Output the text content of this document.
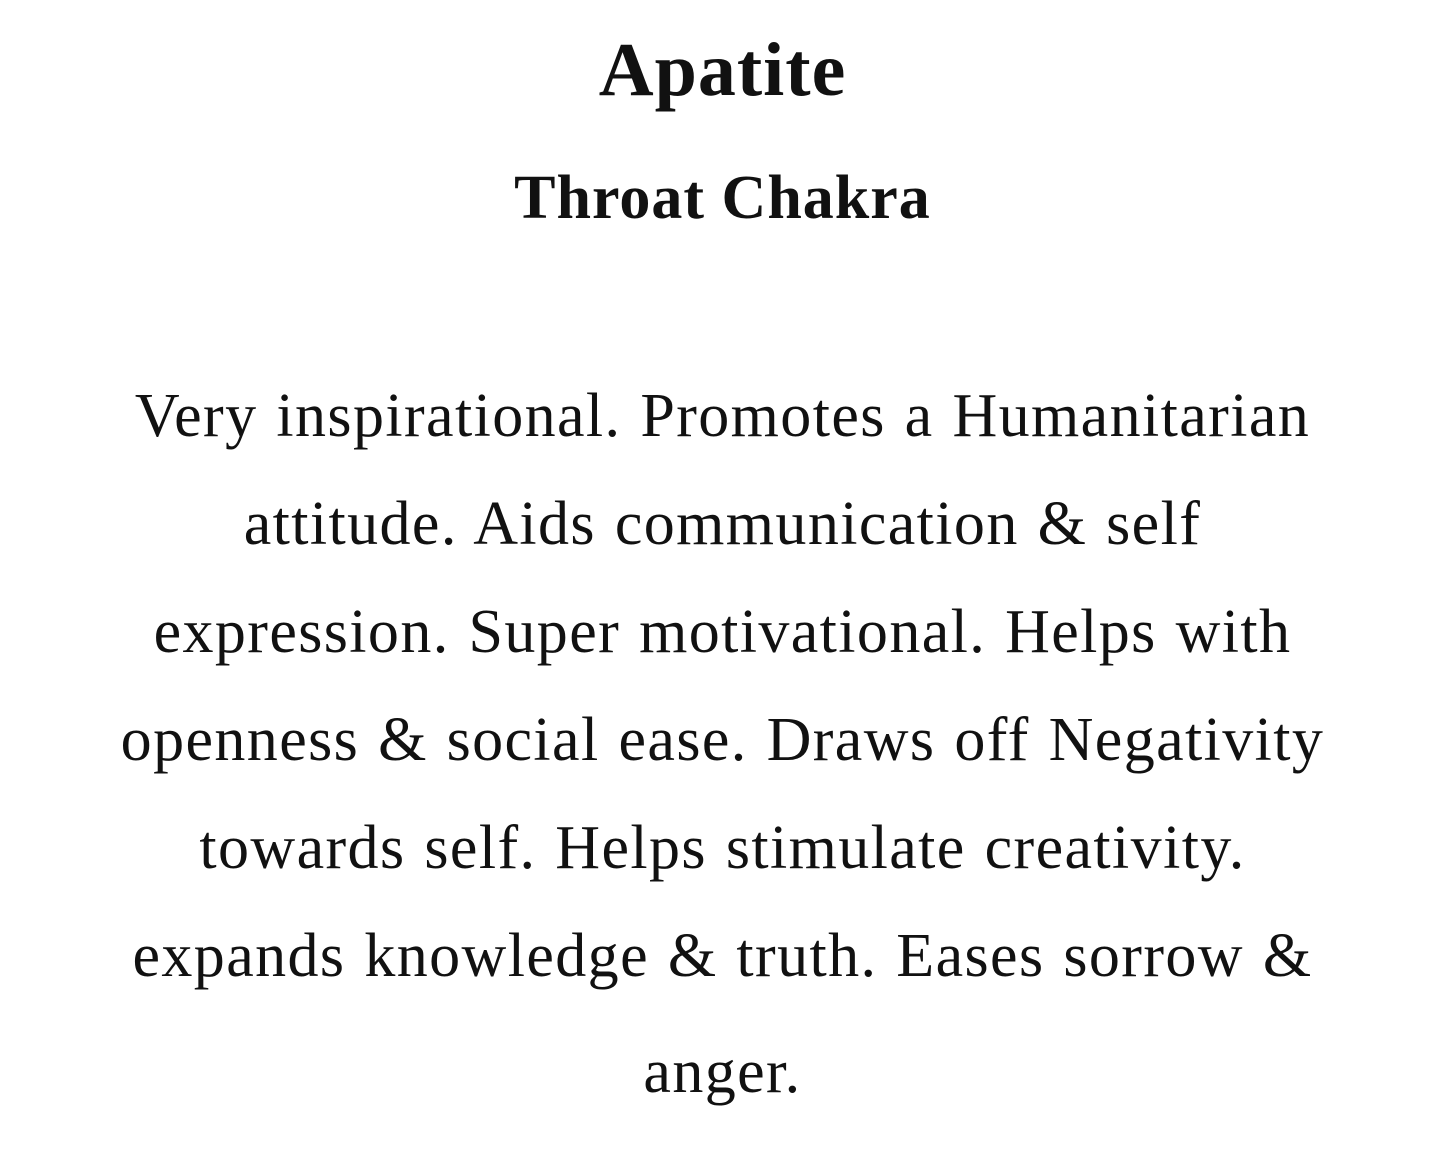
Apatite
Throat Chakra
Very inspirational. Promotes a Humanitarian
attitude. Aids communication & self
expression. Super motivational. Helps with
openness & social ease. Draws off Negativity
towards self. Helps stimulate creativity.
expands knowledge & truth. Eases sorrow &
anger.
